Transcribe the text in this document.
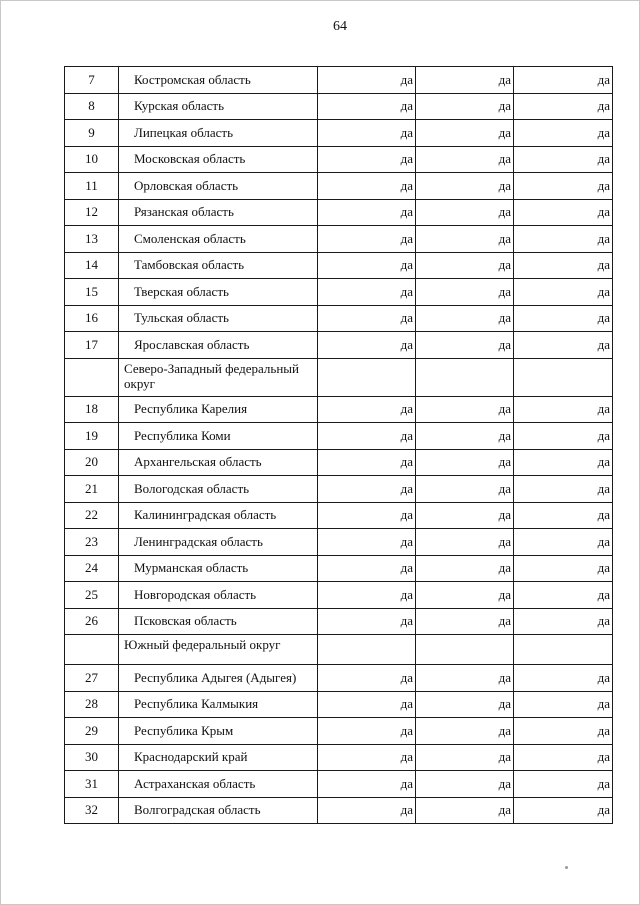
64
7	Костромская область	да	да	да
8	Курская область	да	да	да
9	Липецкая область	да	да	да
10	Московская область	да	да	да
11	Орловская область	да	да	да
12	Рязанская область	да	да	да
13	Смоленская область	да	да	да
14	Тамбовская область	да	да	да
15	Тверская область	да	да	да
16	Тульская область	да	да	да
17	Ярославская область	да	да	да
	Северо-Западный федеральный округ			
18	Республика Карелия	да	да	да
19	Республика Коми	да	да	да
20	Архангельская область	да	да	да
21	Вологодская область	да	да	да
22	Калининградская область	да	да	да
23	Ленинградская область	да	да	да
24	Мурманская область	да	да	да
25	Новгородская область	да	да	да
26	Псковская область	да	да	да
	Южный федеральный округ			
27	Республика Адыгея (Адыгея)	да	да	да
28	Республика Калмыкия	да	да	да
29	Республика Крым	да	да	да
30	Краснодарский край	да	да	да
31	Астраханская область	да	да	да
32	Волгоградская область	да	да	да
